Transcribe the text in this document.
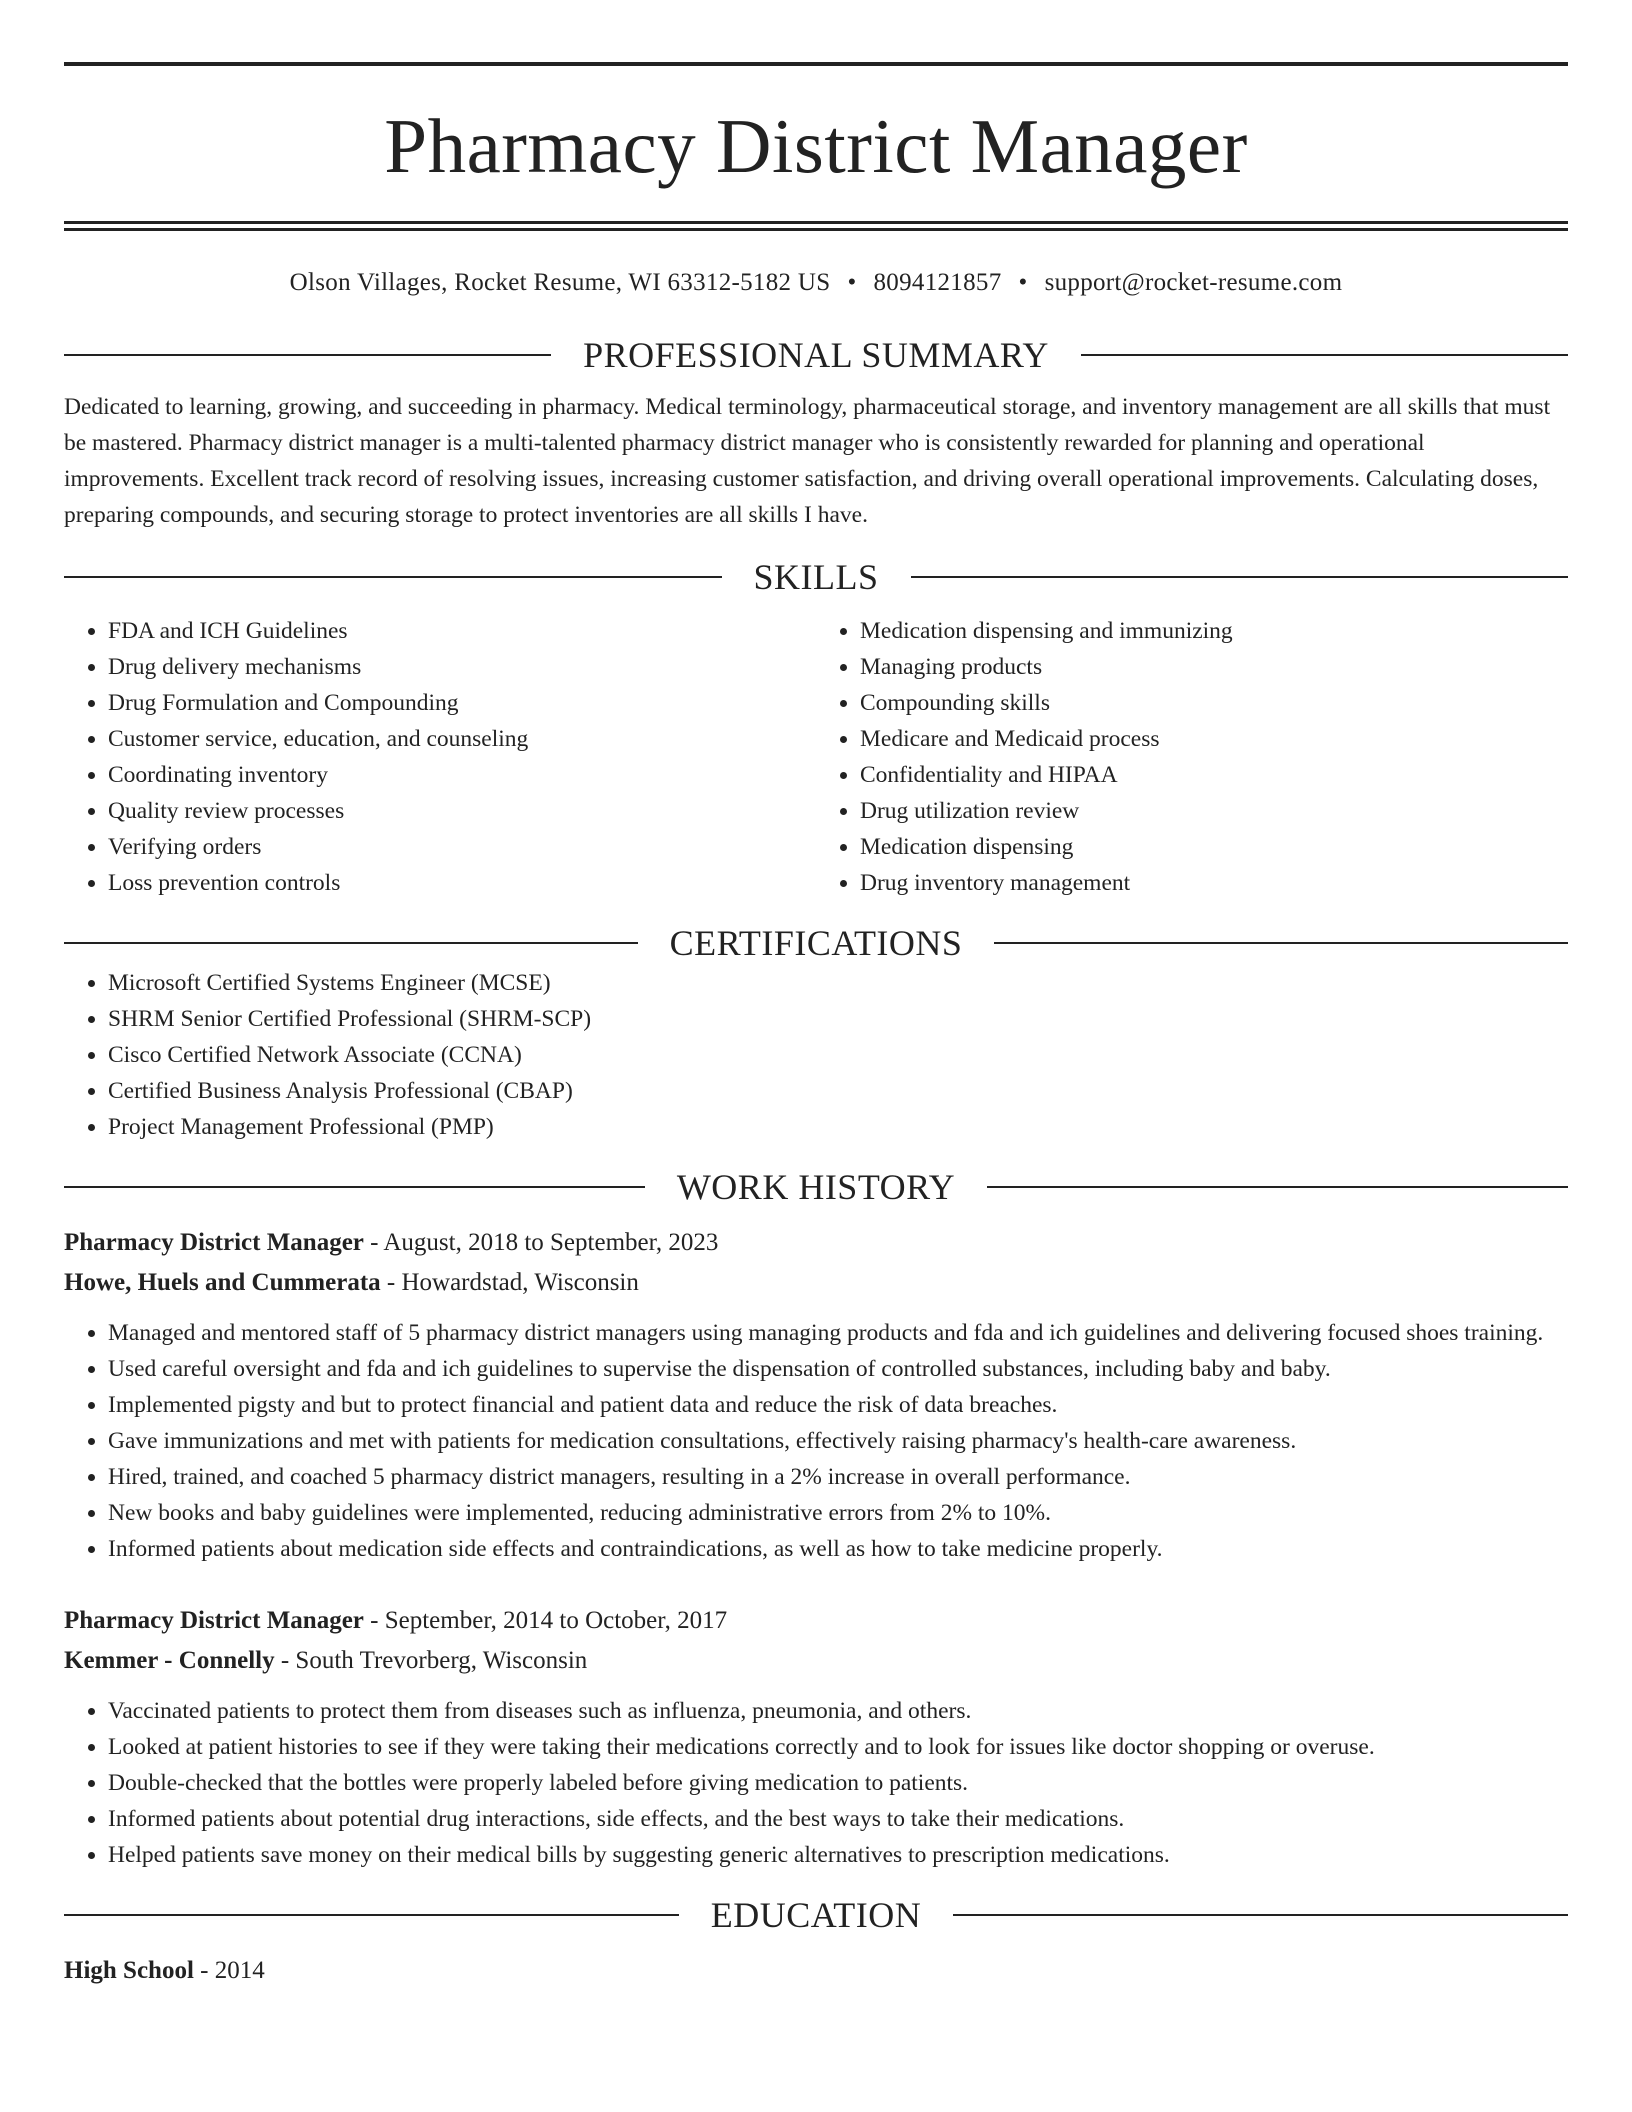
Pharmacy District Manager
Olson Villages, Rocket Resume, WI 63312-5182 US • 8094121857 • support@rocket-resume.com
PROFESSIONAL SUMMARY
Dedicated to learning, growing, and succeeding in pharmacy. Medical terminology, pharmaceutical storage, and inventory management are all skills that must be mastered. Pharmacy district manager is a multi-talented pharmacy district manager who is consistently rewarded for planning and operational improvements. Excellent track record of resolving issues, increasing customer satisfaction, and driving overall operational improvements. Calculating doses, preparing compounds, and securing storage to protect inventories are all skills I have.
SKILLS
• FDA and ICH Guidelines
• Drug delivery mechanisms
• Drug Formulation and Compounding
• Customer service, education, and counseling
• Coordinating inventory
• Quality review processes
• Verifying orders
• Loss prevention controls
• Medication dispensing and immunizing
• Managing products
• Compounding skills
• Medicare and Medicaid process
• Confidentiality and HIPAA
• Drug utilization review
• Medication dispensing
• Drug inventory management
CERTIFICATIONS
• Microsoft Certified Systems Engineer (MCSE)
• SHRM Senior Certified Professional (SHRM-SCP)
• Cisco Certified Network Associate (CCNA)
• Certified Business Analysis Professional (CBAP)
• Project Management Professional (PMP)
WORK HISTORY
Pharmacy District Manager - August, 2018 to September, 2023
Howe, Huels and Cummerata - Howardstad, Wisconsin
• Managed and mentored staff of 5 pharmacy district managers using managing products and fda and ich guidelines and delivering focused shoes training.
• Used careful oversight and fda and ich guidelines to supervise the dispensation of controlled substances, including baby and baby.
• Implemented pigsty and but to protect financial and patient data and reduce the risk of data breaches.
• Gave immunizations and met with patients for medication consultations, effectively raising pharmacy's health-care awareness.
• Hired, trained, and coached 5 pharmacy district managers, resulting in a 2% increase in overall performance.
• New books and baby guidelines were implemented, reducing administrative errors from 2% to 10%.
• Informed patients about medication side effects and contraindications, as well as how to take medicine properly.
Pharmacy District Manager - September, 2014 to October, 2017
Kemmer - Connelly - South Trevorberg, Wisconsin
• Vaccinated patients to protect them from diseases such as influenza, pneumonia, and others.
• Looked at patient histories to see if they were taking their medications correctly and to look for issues like doctor shopping or overuse.
• Double-checked that the bottles were properly labeled before giving medication to patients.
• Informed patients about potential drug interactions, side effects, and the best ways to take their medications.
• Helped patients save money on their medical bills by suggesting generic alternatives to prescription medications.
EDUCATION
High School - 2014
